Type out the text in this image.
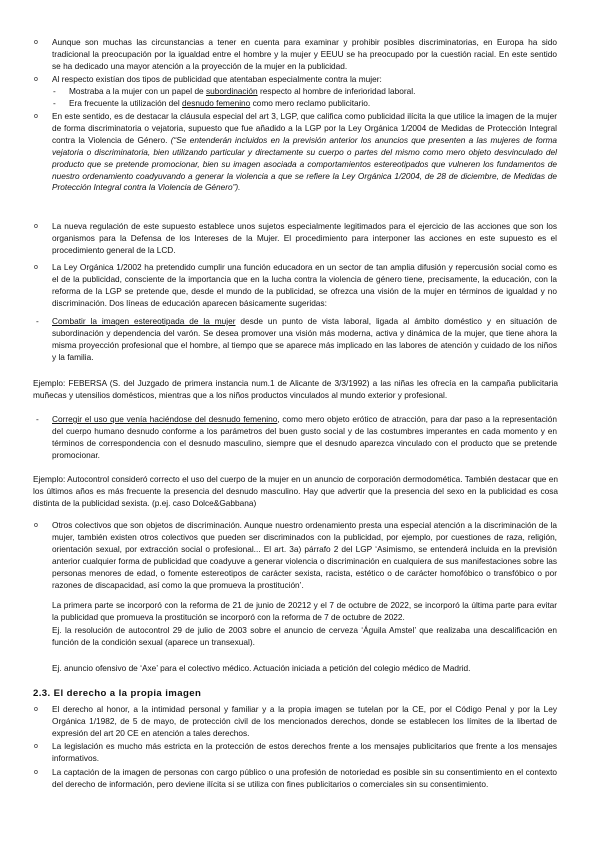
o Aunque son muchas las circunstancias a tener en cuenta para examinar y prohibir posibles discriminatorias, en Europa ha sido tradicional la preocupación por la igualdad entre el hombre y la mujer y EEUU se ha preocupado por la cuestión racial. En este sentido se ha dedicado una mayor atención a la proyección de la mujer en la publicidad.
o Al respecto existían dos tipos de publicidad que atentaban especialmente contra la mujer:
- Mostraba a la mujer con un papel de subordinación respecto al hombre de inferioridad laboral.
- Era frecuente la utilización del desnudo femenino como mero reclamo publicitario.
o En este sentido, es de destacar la cláusula especial del art 3, LGP, que califica como publicidad ilícita la que utilice la imagen de la mujer de forma discriminatoria o vejatoria, supuesto que fue añadido a la LGP por la Ley Orgánica 1/2004 de Medidas de Protección Integral contra la Violencia de Género. (“Se entenderán incluidos en la previsión anterior los anuncios que presenten a las mujeres de forma vejatoria o discriminatoria, bien utilizando particular y directamente su cuerpo o partes del mismo como mero objeto desvinculado del producto que se pretende promocionar, bien su imagen asociada a comportamientos estereotipados que vulneren los fundamentos de nuestro ordenamiento coadyuvando a generar la violencia a que se refiere la Ley Orgánica 1/2004, de 28 de diciembre, de Medidas de Protección Integral contra la Violencia de Género”).
o La nueva regulación de este supuesto establece unos sujetos especialmente legitimados para el ejercicio de las acciones que son los organismos para la Defensa de los Intereses de la Mujer. El procedimiento para interponer las acciones en este supuesto es el procedimiento general de la LCD.
o La Ley Orgánica 1/2002 ha pretendido cumplir una función educadora en un sector de tan amplia difusión y repercusión social como es el de la publicidad, consciente de la importancia que en la lucha contra la violencia de género tiene, precisamente, la educación, con la reforma de la LGP se pretende que, desde el mundo de la publicidad, se ofrezca una visión de la mujer en términos de igualdad y no discriminación. Dos líneas de educación aparecen básicamente sugeridas:
- Combatir la imagen estereotipada de la mujer desde un punto de vista laboral, ligada al ámbito doméstico y en situación de subordinación y dependencia del varón. Se desea promover una visión más moderna, activa y dinámica de la mujer, que tiene ahora la misma proyección profesional que el hombre, al tiempo que se aparece más implicado en las labores de atención y cuidado de los niños y la familia.
Ejemplo: FEBERSA (S. del Juzgado de primera instancia num.1 de Alicante de 3/3/1992) a las niñas les ofrecía en la campaña publicitaria muñecas y utensilios domésticos, mientras que a los niños productos vinculados al mundo exterior y profesional.
- Corregir el uso que venía haciéndose del desnudo femenino, como mero objeto erótico de atracción, para dar paso a la representación del cuerpo humano desnudo conforme a los parámetros del buen gusto social y de las costumbres imperantes en cada momento y en términos de correspondencia con el desnudo masculino, siempre que el desnudo aparezca vinculado con el producto que se pretende promocionar.
Ejemplo: Autocontrol consideró correcto el uso del cuerpo de la mujer en un anuncio de corporación dermodomética. También destacar que en los últimos años es más frecuente la presencia del desnudo masculino. Hay que advertir que la presencia del sexo en la publicidad es cosa distinta de la publicidad sexista. (p.ej. caso Dolce&Gabbana)
o Otros colectivos que son objetos de discriminación. Aunque nuestro ordenamiento presta una especial atención a la discriminación de la mujer, también existen otros colectivos que pueden ser discriminados con la publicidad, por ejemplo, por cuestiones de raza, religión, orientación sexual, por extracción social o profesional... El art. 3a) párrafo 2 del LGP ‘Asimismo, se entenderá incluida en la previsión anterior cualquier forma de publicidad que coadyuve a generar violencia o discriminación en cualquiera de sus manifestaciones sobre las personas menores de edad, o fomente estereotipos de carácter sexista, racista, estético o de carácter homofóbico o transfóbico o por razones de discapacidad, así como la que promueva la prostitución’.
La primera parte se incorporó con la reforma de 21 de junio de 20212 y el 7 de octubre de 2022, se incorporó la última parte para evitar la publicidad que promueva la prostitución se incorporó con la reforma de 7 de octubre de 2022.
Ej. la resolución de autocontrol 29 de julio de 2003 sobre el anuncio de cerveza ‘Águila Amstel’ que realizaba una descalificación en función de la condición sexual (aparece un transexual).
Ej. anuncio ofensivo de ‘Axe’ para el colectivo médico. Actuación iniciada a petición del colegio médico de Madrid.
2.3. El derecho a la propia imagen
o El derecho al honor, a la intimidad personal y familiar y a la propia imagen se tutelan por la CE, por el Código Penal y por la Ley Orgánica 1/1982, de 5 de mayo, de protección civil de los mencionados derechos, donde se establecen los límites de la libertad de expresión del art 20 CE en atención a tales derechos.
o La legislación es mucho más estricta en la protección de estos derechos frente a los mensajes publicitarios que frente a los mensajes informativos.
o La captación de la imagen de personas con cargo público o una profesión de notoriedad es posible sin su consentimiento en el contexto del derecho de información, pero deviene ilícita si se utiliza con fines publicitarios o comerciales sin su consentimiento.
